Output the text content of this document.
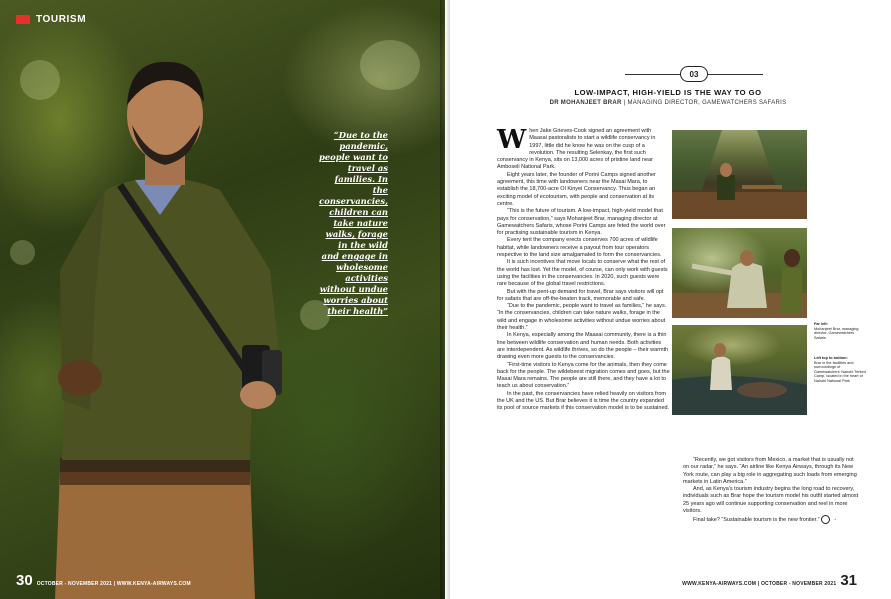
TOURISM
“Due to the pandemic, people want to travel as families. In the conservancies, children can take nature walks, forage in the wild and engage in wholesome activities without undue worries about their health”
30 OCTOBER - NOVEMBER 2021 | WWW.KENYA-AIRWAYS.COM
03
LOW-IMPACT, HIGH-YIELD IS THE WAY TO GO
DR MOHANJEET BRAR | MANAGING DIRECTOR, GAMEWATCHERS SAFARIS

When Jake Grieves-Cook signed an agreement with Maasai pastoralists to start a wildlife conservancy in 1997, little did he know he was on the cusp of a revolution. The resulting Selenkay, the first such conservancy in Kenya, sits on 13,000 acres of pristine land near Amboseli National Park.

Eight years later, the founder of Porini Camps signed another agreement, this time with landowners near the Masai Mara, to establish the 18,700-acre Ol Kinyei Conservancy. Thus began an exciting model of ecotourism, with people and conservation at its centre.

“This is the future of tourism. A low-impact, high-yield model that pays for conservation,” says Mohanjeet Brar, managing director at Gamewatchers Safaris, whose Porini Camps are feted the world over for practising sustainable tourism in Kenya.

Every tent the company erects conserves 700 acres of wildlife habitat, while landowners receive a payout from tour operators respective to the land size amalgamated to form the conservancies.

It is such incentives that move locals to conserve what the rest of the world has lost. Yet the model, of course, can only work with guests using the facilities in the conservancies. In 2020, such guests were rare because of the global travel restrictions.

But with the pent-up demand for travel, Brar says visitors will opt for safaris that are off-the-beaten track, memorable and safe.

“Due to the pandemic, people want to travel as families,” he says. “In the conservancies, children can take nature walks, forage in the wild and engage in wholesome activities without undue worries about their health.”

In Kenya, especially among the Maasai community, there is a thin line between wildlife conservation and human needs. Both activities are interdependent. As wildlife thrives, so do the people – their warmth drawing even more guests to the conservancies.

“First-time visitors to Kenya come for the animals, then they come back for the people. The wildebeest migration comes and goes, but the Masai Mara remains. The people are still there, and they have a lot to teach us about conservation.”

In the past, the conservancies have relied heavily on visitors from the UK and the US. But Brar believes it is time the country expanded its pool of source markets if this conservation model is to be sustained.

“Recently, we got visitors from Mexico, a market that is usually not on our radar,” he says. “An airline like Kenya Airways, through its New York route, can play a big role in aggregating such loads from emerging markets in Latin America.”

And, as Kenya’s tourism industry begins the long road to recovery, individuals such as Brar hope the tourism model his outfit started almost 25 years ago will continue supporting conservation and reel in more visitors.

Final take? “Sustainable tourism is the new frontier.”	→

Far left:
Mohanjeet Brar, managing director, Gamewatchers Safaris
Left top to bottom:
Brar in the facilities and surroundings of Gamewatchers’ Nairobi Tented Camp, located in the heart of Nairobi National Park
WWW.KENYA-AIRWAYS.COM | OCTOBER - NOVEMBER 2021 31
